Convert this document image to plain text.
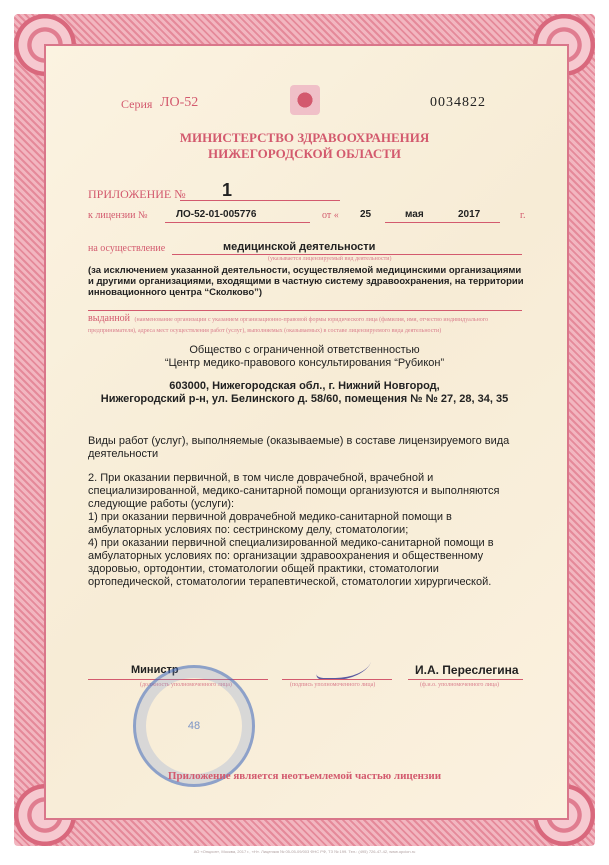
Серия ЛО-52	0034822
МИНИСТЕРСТВО ЗДРАВООХРАНЕНИЯ
НИЖЕГОРОДСКОЙ ОБЛАСТИ
ПРИЛОЖЕНИЕ № 1
к лицензии №	ЛО-52-01-005776	от « 25	мая	2017	г.
на осуществление	медицинской деятельности
(указывается лицензируемый вид деятельности)
(за исключением указанной деятельности, осуществляемой медицинскими организациями и другими организациями, входящими в частную систему здравоохранения, на территории инновационного центра “Сколково”)
выданной (наименование организации с указанием организационно-правовой формы юридического лица (фамилия, имя, отчество индивидуального предпринимателя), адреса мест осуществления работ (услуг), выполняемых (оказываемых) в составе лицензируемого вида деятельности)
Общество с ограниченной ответственностью
“Центр медико-правового консультирования “Рубикон”
603000, Нижегородская обл., г. Нижний Новгород,
Нижегородский р-н, ул. Белинского д. 58/60, помещения № № 27, 28, 34, 35
Виды работ (услуг), выполняемые (оказываемые) в составе лицензируемого вида деятельности
2. При оказании первичной, в том числе доврачебной, врачебной и специализированной, медико-санитарной помощи организуются и выполняются следующие работы (услуги):
1) при оказании первичной доврачебной медико-санитарной помощи в амбулаторных условиях по: сестринскому делу, стоматологии;
4) при оказании первичной специализированной медико-санитарной помощи в амбулаторных условиях по: организации здравоохранения и общественному здоровью, ортодонтии, стоматологии общей практики, стоматологии ортопедической, стоматологии терапевтической, стоматологии хирургической.
Министр
(должность уполномоченного лица)	(подпись уполномоченного лица)
И.А. Переслегина
(ф.и.о. уполномоченного лица)
48
Приложение является неотъемлемой частью лицензии
АО «Опцион», Москва, 2017 г., «Н». Лицензия № 05-05-09/003 ФНС РФ, ТЗ № 199. Тел.: (495) 726-47-42, www.opcion.ru
